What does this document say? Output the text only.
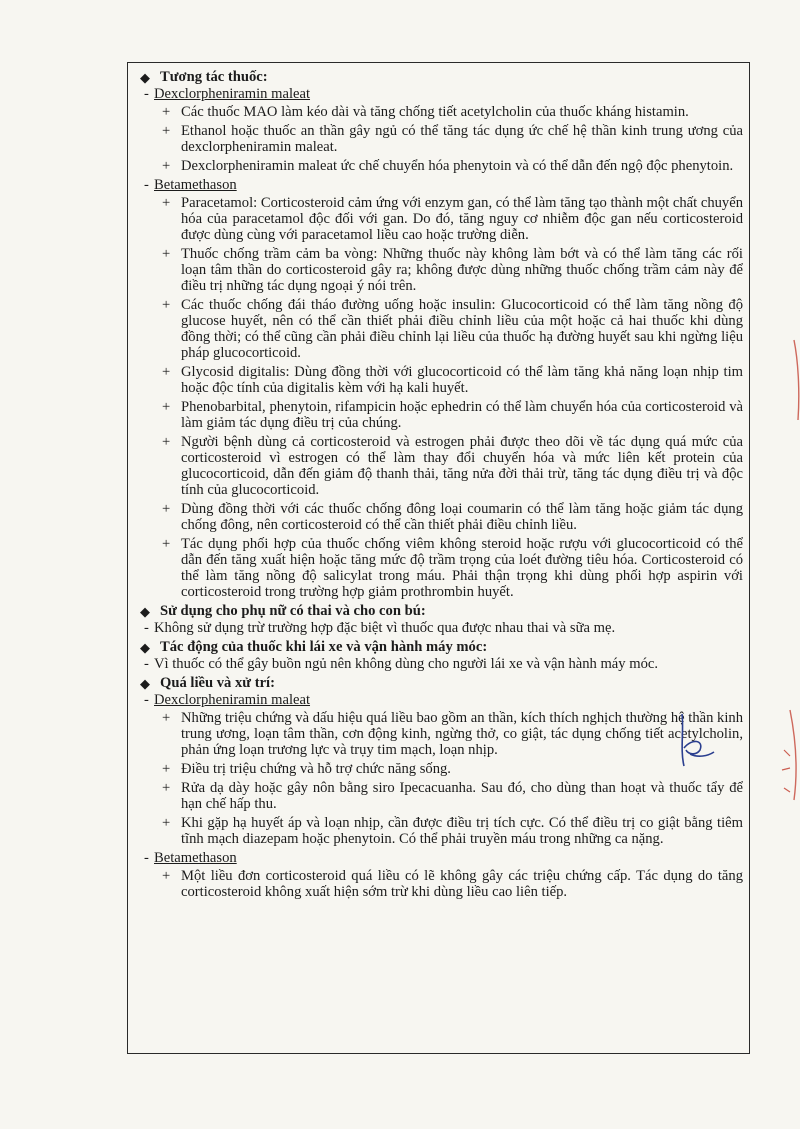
◆ Tương tác thuốc:
- Dexclorpheniramin maleat
+ Các thuốc MAO làm kéo dài và tăng chống tiết acetylcholin của thuốc kháng histamin.
+ Ethanol hoặc thuốc an thần gây ngủ có thể tăng tác dụng ức chế hệ thần kinh trung ương của dexclorpheniramin maleat.
+ Dexclorpheniramin maleat ức chế chuyển hóa phenytoin và có thể dẫn đến ngộ độc phenytoin.
- Betamethason
+ Paracetamol: Corticosteroid cảm ứng với enzym gan, có thể làm tăng tạo thành một chất chuyển hóa của paracetamol độc đối với gan. Do đó, tăng nguy cơ nhiễm độc gan nếu corticosteroid được dùng cùng với paracetamol liều cao hoặc trường diễn.
+ Thuốc chống trầm cảm ba vòng: Những thuốc này không làm bớt và có thể làm tăng các rối loạn tâm thần do corticosteroid gây ra; không được dùng những thuốc chống trầm cảm này để điều trị những tác dụng ngoại ý nói trên.
+ Các thuốc chống đái tháo đường uống hoặc insulin: Glucocorticoid có thể làm tăng nồng độ glucose huyết, nên có thể cần thiết phải điều chỉnh liều của một hoặc cả hai thuốc khi dùng đồng thời; có thể cũng cần phải điều chỉnh lại liều của thuốc hạ đường huyết sau khi ngừng liệu pháp glucocorticoid.
+ Glycosid digitalis: Dùng đồng thời với glucocorticoid có thể làm tăng khả năng loạn nhịp tim hoặc độc tính của digitalis kèm với hạ kali huyết.
+ Phenobarbital, phenytoin, rifampicin hoặc ephedrin có thể làm chuyển hóa của corticosteroid và làm giảm tác dụng điều trị của chúng.
+ Người bệnh dùng cả corticosteroid và estrogen phải được theo dõi về tác dụng quá mức của corticosteroid vì estrogen có thể làm thay đổi chuyển hóa và mức liên kết protein của glucocorticoid, dẫn đến giảm độ thanh thải, tăng nửa đời thải trừ, tăng tác dụng điều trị và độc tính của glucocorticoid.
+ Dùng đồng thời với các thuốc chống đông loại coumarin có thể làm tăng hoặc giảm tác dụng chống đông, nên corticosteroid có thể cần thiết phải điều chỉnh liều.
+ Tác dụng phối hợp của thuốc chống viêm không steroid hoặc rượu với glucocorticoid có thể dẫn đến tăng xuất hiện hoặc tăng mức độ trầm trọng của loét đường tiêu hóa. Corticosteroid có thể làm tăng nồng độ salicylat trong máu. Phải thận trọng khi dùng phối hợp aspirin với corticosteroid trong trường hợp giảm prothrombin huyết.
◆ Sử dụng cho phụ nữ có thai và cho con bú:
- Không sử dụng trừ trường hợp đặc biệt vì thuốc qua được nhau thai và sữa mẹ.
◆ Tác động của thuốc khi lái xe và vận hành máy móc:
- Vì thuốc có thể gây buồn ngủ nên không dùng cho người lái xe và vận hành máy móc.
◆ Quá liều và xử trí:
- Dexclorpheniramin maleat
+ Những triệu chứng và dấu hiệu quá liều bao gồm an thần, kích thích nghịch thường hệ thần kinh trung ương, loạn tâm thần, cơn động kinh, ngừng thở, co giật, tác dụng chống tiết acetylcholin, phản ứng loạn trương lực và trụy tim mạch, loạn nhịp.
+ Điều trị triệu chứng và hỗ trợ chức năng sống.
+ Rửa dạ dày hoặc gây nôn bằng siro Ipecacuanha. Sau đó, cho dùng than hoạt và thuốc tẩy để hạn chế hấp thu.
+ Khi gặp hạ huyết áp và loạn nhịp, cần được điều trị tích cực. Có thể điều trị co giật bằng tiêm tĩnh mạch diazepam hoặc phenytoin. Có thể phải truyền máu trong những ca nặng.
- Betamethason
+ Một liều đơn corticosteroid quá liều có lẽ không gây các triệu chứng cấp. Tác dụng do tăng corticosteroid không xuất hiện sớm trừ khi dùng liều cao liên tiếp.
